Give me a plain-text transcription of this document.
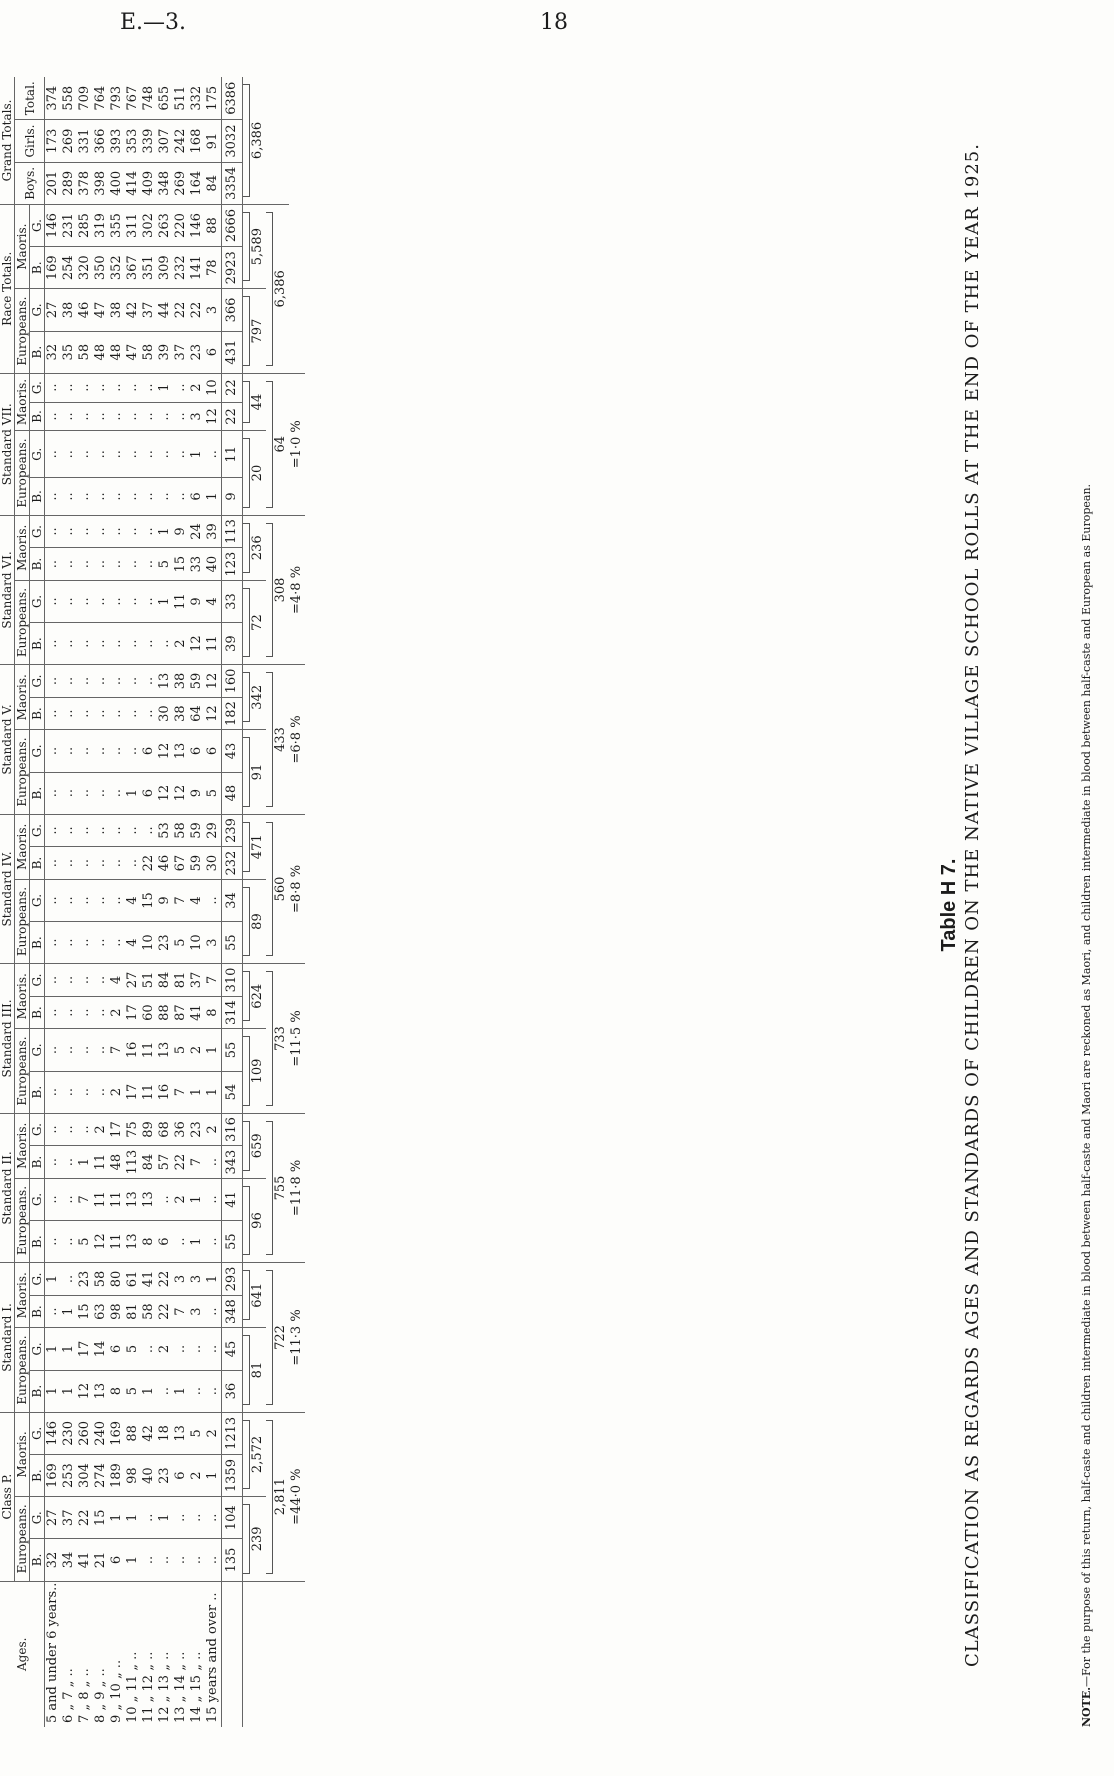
E.—3.	18
Ages.	Class P.				Standard I.				Standard II.				Standard III.				Standard IV.				Standard V.				Standard VI.				Standard VII.				Race Totals.				Grand Totals.		
	Europeans.		Maoris.		Europeans.		Maoris.		Europeans.		Maoris.		Europeans.		Maoris.		Europeans.		Maoris.		Europeans.		Maoris.		Europeans.		Maoris.		Europeans.		Maoris.		Europeans.		Maoris.		Boys.	Girls.	Total.
	B.	G.	B.	G.	B.	G.	B.	G.	B.	G.	B.	G.	B.	G.	B.	G.	B.	G.	B.	G.	B.	G.	B.	G.	B.	G.	B.	G.	B.	G.	B.	G.	B.	G.	B.	G.			
5 and under 6 years..	32	27	169	146	1	1	..	1	..	..	..	..	..	..	..	..	..	..	..	..	..	..	..	..	..	..	..	..	..	..	..	..	32	27	169	146	201	173	374
6 „ 7 „ ..	34	37	253	230	1	1	1	..	..	..	..	..	..	..	..	..	..	..	..	..	..	..	..	..	..	..	..	..	..	..	..	..	35	38	254	231	289	269	558
7 „ 8 „ ..	41	22	304	260	12	17	15	23	5	7	1	..	..	..	..	..	..	..	..	..	..	..	..	..	..	..	..	..	..	..	..	..	58	46	320	285	378	331	709
8 „ 9 „ ..	21	15	274	240	13	14	63	58	12	11	11	2	..	..	..	..	..	..	..	..	..	..	..	..	..	..	..	..	..	..	..	..	48	47	350	319	398	366	764
9 „ 10 „ ..	6	1	189	169	8	6	98	80	11	11	48	17	2	7	2	4	..	..	..	..	..	..	..	..	..	..	..	..	..	..	..	..	48	38	352	355	400	393	793
10 „ 11 „ ..	1	1	98	88	5	5	81	61	13	13	113	75	17	16	17	27	4	4	..	..	1	..	..	..	..	..	..	..	..	..	..	..	47	42	367	311	414	353	767
11 „ 12 „ ..	..	..	40	42	1	..	58	41	8	13	84	89	11	11	60	51	10	15	22	..	6	6	..	..	..	..	..	..	..	..	..	..	58	37	351	302	409	339	748
12 „ 13 „ ..	..	1	23	18	..	2	22	22	6	..	57	68	16	13	88	84	23	9	46	53	12	12	30	13	..	1	5	1	..	..	..	1	39	44	309	263	348	307	655
13 „ 14 „ ..	..	..	6	13	1	..	7	3	..	2	22	36	7	5	87	81	5	7	67	58	12	13	38	38	2	11	15	9	..	..	..	..	37	22	232	220	269	242	511
14 „ 15 „ ..	..	..	2	5	..	..	3	3	1	1	7	23	1	2	41	37	10	4	59	59	9	6	64	59	12	9	33	24	6	1	3	2	23	22	141	146	164	168	332
15 years and over ..	..	..	1	2	..	..	..	1	..	..	..	2	1	1	8	7	3	..	30	29	5	6	12	12	11	4	40	39	1	..	12	10	6	3	78	88	84	91	175
	135	104	1359	1213	36	45	348	293	55	41	343	316	54	55	314	310	55	34	232	239	48	43	182	160	39	33	123	113	9	11	22	22	431	366	2923	2666	3354	3032	6386

239		2,572		81		641		96		659		109		624		89		471		91		342		72		236		20		44		797		5,589		6,386		

2,811				722				755				733				560				433				308				64				6,386						
	=44·0 %				=11·3 %				=11·8 %				=11·5 %				=8·8 %				=6·8 %				=4·8 %				=1·0 %										
Table H 7. CLASSIFICATION AS REGARDS AGES AND STANDARDS OF CHILDREN ON THE NATIVE VILLAGE SCHOOL ROLLS AT THE END OF THE YEAR 1925.
NOTE.—For the purpose of this return, half-caste and children intermediate in blood between half-caste and Maori are reckoned as Maori, and children intermediate in blood between half-caste and European as European.
